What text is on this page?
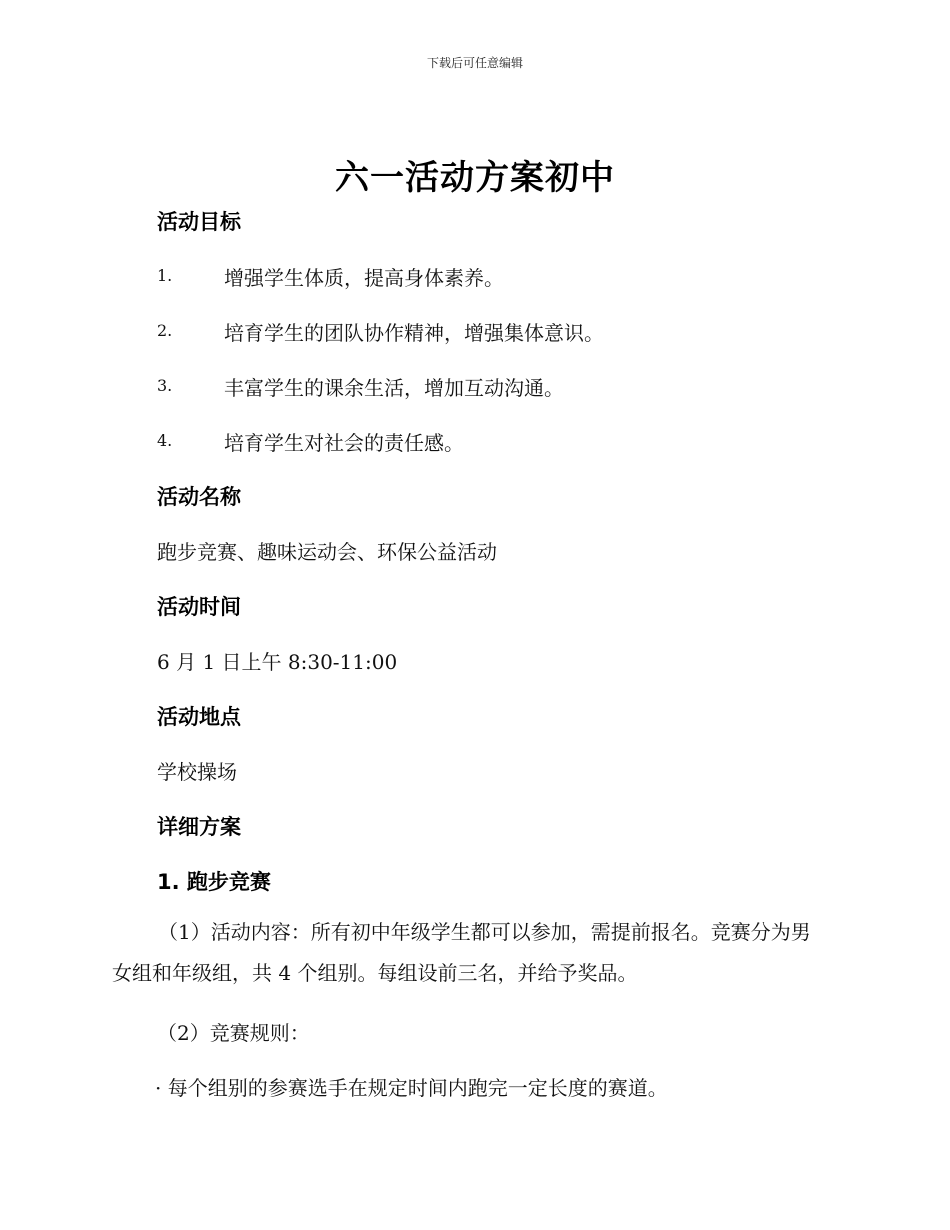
下载后可任意编辑
六一活动方案初中
活动目标
1.	增强学生体质，提高身体素养。
2.	培育学生的团队协作精神，增强集体意识。
3.	丰富学生的课余生活，增加互动沟通。
4.	培育学生对社会的责任感。
活动名称
跑步竞赛、趣味运动会、环保公益活动
活动时间
6 月 1 日上午 8:30-11:00
活动地点
学校操场
详细方案
1. 跑步竞赛
（1）活动内容：所有初中年级学生都可以参加，需提前报名。竞赛分为男女组和年级组，共 4 个组别。每组设前三名，并给予奖品。
（2）竞赛规则：
· 每个组别的参赛选手在规定时间内跑完一定长度的赛道。
